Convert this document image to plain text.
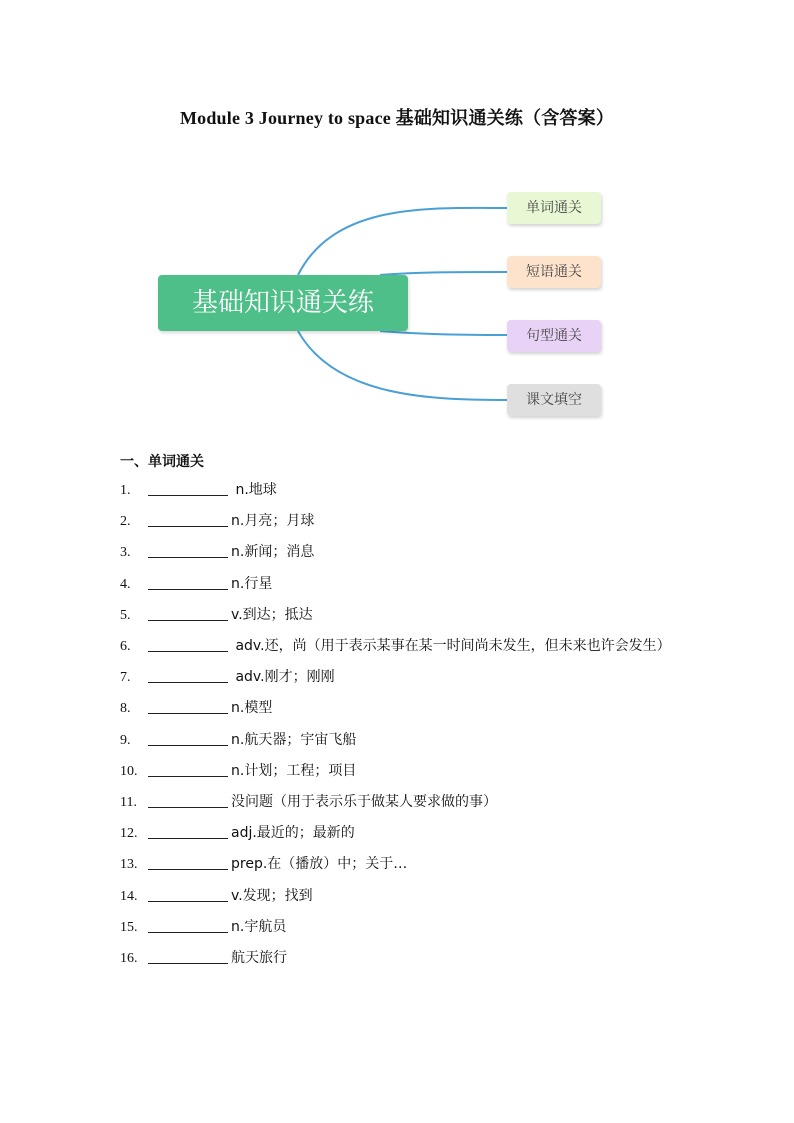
Module 3 Journey to space 基础知识通关练（含答案）
基础知识通关练
单词通关
短语通关
句型通关
课文填空
一、单词通关
1.	n.地球
2.	n.月亮；月球
3.	n.新闻；消息
4.	n.行星
5.	v.到达；抵达
6.	adv.还，尚（用于表示某事在某一时间尚未发生，但未来也许会发生）
7.	adv.刚才；刚刚
8.	n.模型
9.	n.航天器；宇宙飞船
10.	n.计划；工程；项目
11.	没问题（用于表示乐于做某人要求做的事）
12.	adj.最近的；最新的
13.	prep.在（播放）中；关于…
14.	v.发现；找到
15.	n.宇航员
16.	航天旅行
